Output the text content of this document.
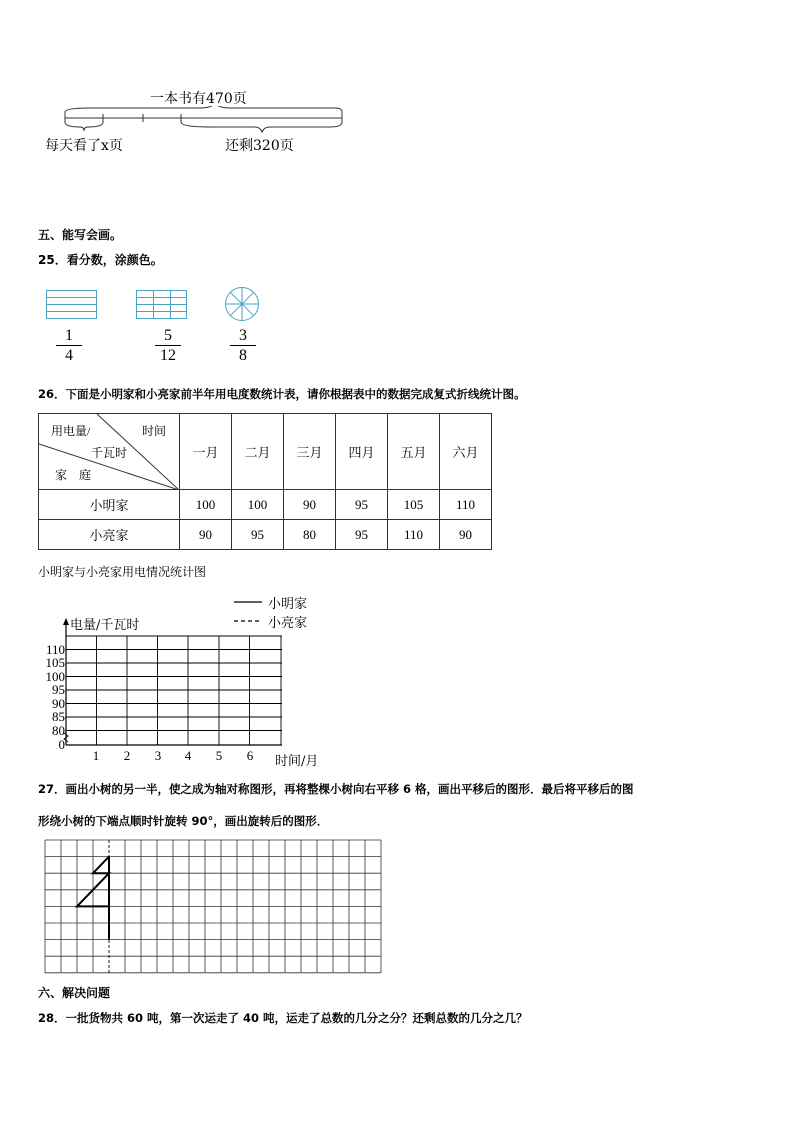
一本书有470页
每天看了x页	还剩320页
五、能写会画。
25．看分数，涂颜色。
1
4
5
12
3
8
26．下面是小明家和小亮家前半年用电度数统计表，请你根据表中的数据完成复式折线统计图。
用电量/ 时间
千瓦时
家　庭	一月	二月	三月	四月	五月	六月
小明家	100	100	90	95	105	110
小亮家	90	95	80	95	110	90
小明家与小亮家用电情况统计图
小明家
小亮家
电量/千瓦时
110
105
100
95
90
85
80
0
1 2 3 4 5 6 时间/月
27．画出小树的另一半，使之成为轴对称图形，再将整棵小树向右平移 6 格，画出平移后的图形．最后将平移后的图
形绕小树的下端点顺时针旋转 90°，画出旋转后的图形．
六、解决问题
28．一批货物共 60 吨，第一次运走了 40 吨，运走了总数的几分之分？还剩总数的几分之几？
